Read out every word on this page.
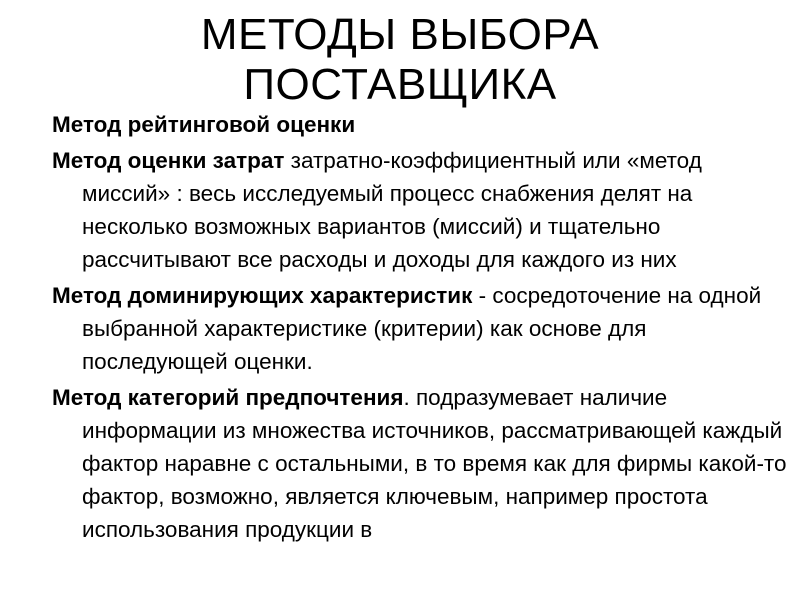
МЕТОДЫ ВЫБОРА
ПОСТАВЩИКА

Метод рейтинговой оценки

Метод оценки затрат затратно-коэффициентный или «метод миссий» : весь исследуемый процесс снабжения делят на несколько возможных вариантов (миссий) и тщательно рассчитывают все расходы и доходы для каждого из них

Метод доминирующих характеристик - сосредоточение на одной выбранной характеристике (критерии) как основе для последующей оценки.

Метод категорий предпочтения. подразумевает наличие информации из множества источников, рассматривающей каждый фактор наравне с остальными, в то время как для фирмы какой-то фактор, возможно, является ключевым, например простота использования продукции в
